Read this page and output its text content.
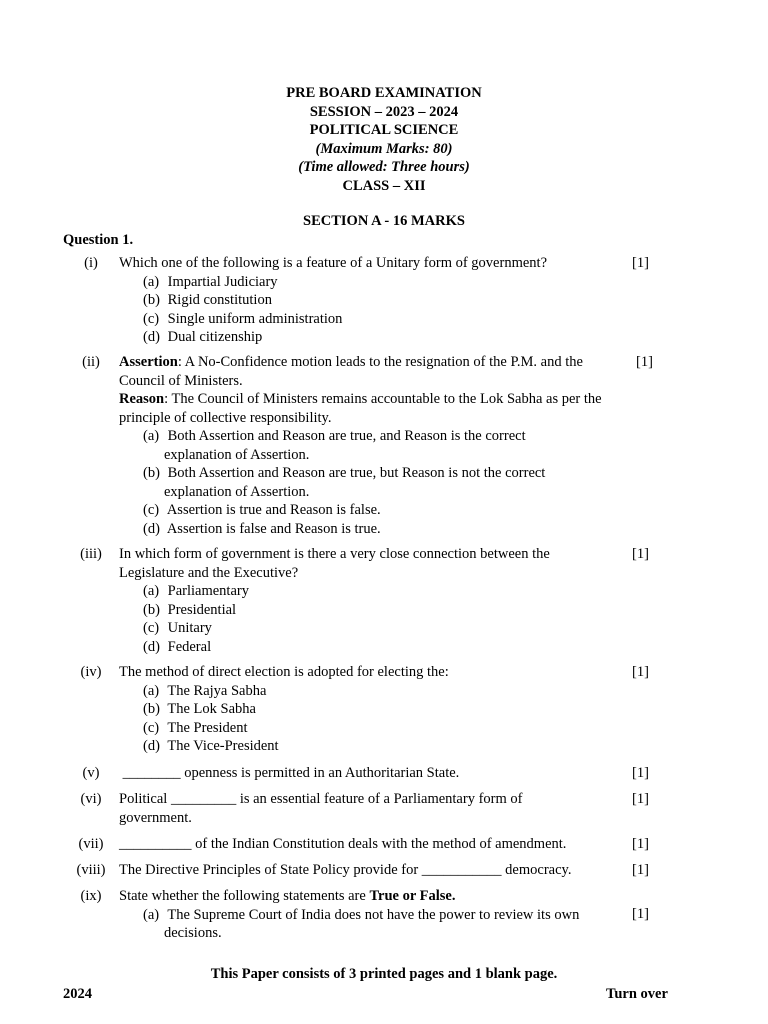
PRE BOARD EXAMINATION
SESSION – 2023 – 2024
POLITICAL SCIENCE
(Maximum Marks: 80)
(Time allowed: Three hours)
CLASS – XII
SECTION A - 16 MARKS
Question 1.
(i)	Which one of the following is a feature of a Unitary form of government?
(a) Impartial Judiciary
(b) Rigid constitution
(c) Single uniform administration
(d) Dual citizenship
[1]
(ii)	Assertion: A No-Confidence motion leads to the resignation of the P.M. and the Council of Ministers.
Reason: The Council of Ministers remains accountable to the Lok Sabha as per the principle of collective responsibility.
(a) Both Assertion and Reason are true, and Reason is the correct explanation of Assertion.
(b) Both Assertion and Reason are true, but Reason is not the correct explanation of Assertion.
(c) Assertion is true and Reason is false.
(d) Assertion is false and Reason is true.
[1]
(iii)	In which form of government is there a very close connection between the Legislature and the Executive?
(a) Parliamentary
(b) Presidential
(c) Unitary
(d) Federal
[1]
(iv)	The method of direct election is adopted for electing the:
(a) The Rajya Sabha
(b) The Lok Sabha
(c) The President
(d) The Vice-President
[1]
(v)	________ openness is permitted in an Authoritarian State.	[1]
(vi)	Political _________ is an essential feature of a Parliamentary form of government.
[1]
(vii)	__________ of the Indian Constitution deals with the method of amendment.	[1]
(viii) The Directive Principles of State Policy provide for ___________ democracy.	[1]
(ix)	State whether the following statements are True or False.
(a) The Supreme Court of India does not have the power to review its own decisions.
[1]
This Paper consists of 3 printed pages and 1 blank page.
2024	Turn over
